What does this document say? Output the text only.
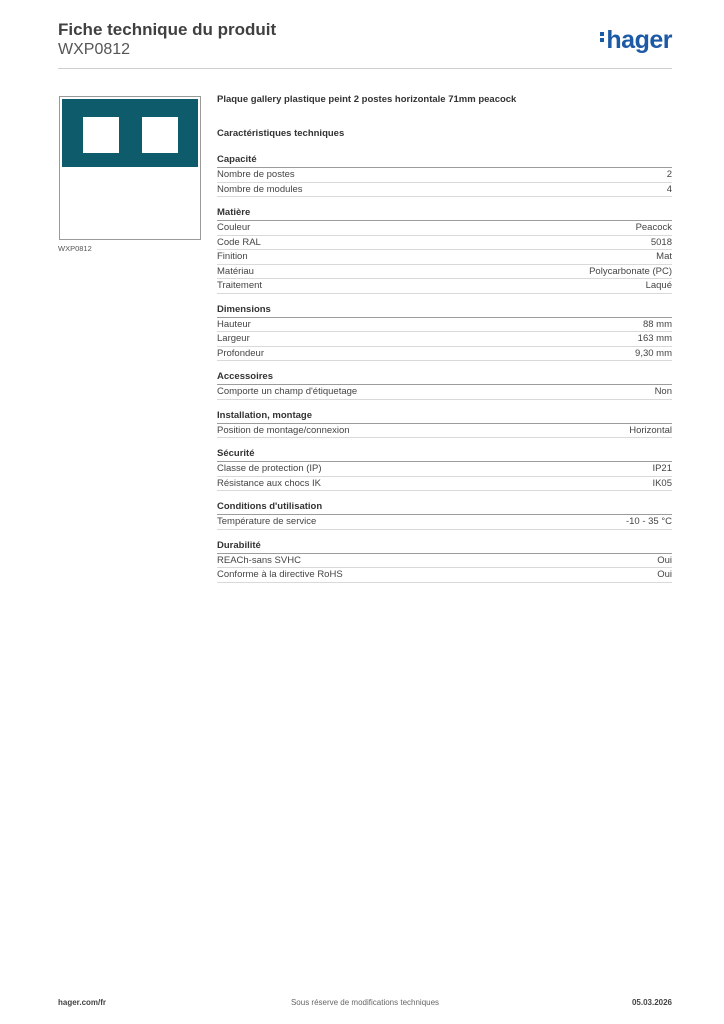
Fiche technique du produit
WXP0812	hager
WXP0812
Plaque gallery plastique peint 2 postes horizontale 71mm peacock
Caractéristiques techniques
Capacité
Nombre de postes	2
Nombre de modules	4
Matière
Couleur	Peacock
Code RAL	5018
Finition	Mat
Matériau	Polycarbonate (PC)
Traitement	Laqué
Dimensions
Hauteur	88 mm
Largeur	163 mm
Profondeur	9,30 mm
Accessoires
Comporte un champ d'étiquetage	Non
Installation, montage
Position de montage/connexion	Horizontal
Sécurité
Classe de protection (IP)	IP21
Résistance aux chocs IK	IK05
Conditions d'utilisation
Température de service	-10 - 35 °C
Durabilité
REACh-sans SVHC	Oui
Conforme à la directive RoHS	Oui
hager.com/fr	Sous réserve de modifications techniques	05.03.2026
